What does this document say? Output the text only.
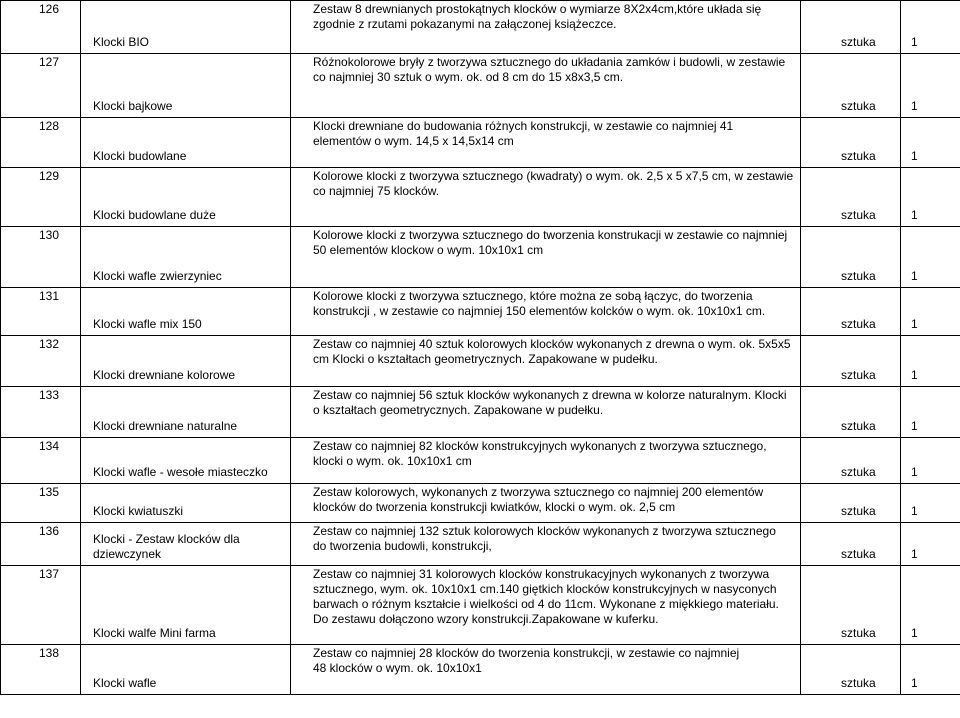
126	Klocki BIO	Zestaw 8 drewnianych prostokątnych klocków o wymiarze 8X2x4cm,które układa się
zgodnie z rzutami pokazanymi na załączonej książeczce.	sztuka	1
127	Klocki bajkowe	Różnokolorowe bryły z tworzywa sztucznego do układania zamków i budowli, w zestawie
co najmniej 30 sztuk o wym. ok. od 8 cm do 15 x8x3,5 cm.	sztuka	1
128	Klocki budowlane	Klocki drewniane do budowania różnych konstrukcji, w zestawie co najmniej 41
elementów o wym. 14,5 x 14,5x14 cm	sztuka	1
129	Klocki budowlane duże	Kolorowe klocki z tworzywa sztucznego (kwadraty) o wym. ok. 2,5 x 5 x7,5 cm, w zestawie
co najmniej 75 klocków.	sztuka	1
130	Klocki wafle zwierzyniec	Kolorowe klocki z tworzywa sztucznego do tworzenia konstrukacji w zestawie co najmniej
50 elementów klockow o wym. 10x10x1 cm	sztuka	1
131	Klocki wafle mix 150	Kolorowe klocki z tworzywa sztucznego, które można ze sobą łączyc, do tworzenia
konstrukcji , w zestawie co najmniej 150 elementów kolcków o wym. ok. 10x10x1 cm.	sztuka	1
132	Klocki drewniane kolorowe	Zestaw co najmniej 40 sztuk kolorowych klocków wykonanych z drewna o wym. ok. 5x5x5
cm Klocki o kształtach geometrycznych. Zapakowane w pudełku.	sztuka	1
133	Klocki drewniane naturalne	Zestaw co najmniej 56 sztuk klocków wykonanych z drewna w kolorze naturalnym. Klocki
o kształtach geometrycznych. Zapakowane w pudełku.	sztuka	1
134	Klocki wafle - wesołe miasteczko	Zestaw co najmniej 82 klocków konstrukcyjnych wykonanych z tworzywa sztucznego,
klocki o wym. ok. 10x10x1 cm	sztuka	1
135	Klocki kwiatuszki	Zestaw kolorowych, wykonanych z tworzywa sztucznego co najmniej 200 elementów
klocków do tworzenia konstrukcji kwiatków, klocki o wym. ok. 2,5 cm	sztuka	1
136	Klocki - Zestaw klocków dla
dziewczynek	Zestaw co najmniej 132 sztuk kolorowych klocków wykonanych z tworzywa sztucznego
do tworzenia budowli, konstrukcji,	sztuka	1
137	Klocki walfe Mini farma	Zestaw co najmniej 31 kolorowych klocków konstrukacyjnych wykonanych z tworzywa
sztucznego, wym. ok. 10x10x1 cm.140 giętkich klocków konstrukcyjnych w nasyconych
barwach o różnym kształcie i wielkości od 4 do 11cm. Wykonane z miękkiego materiału.
Do zestawu dołączono wzory konstrukcji.Zapakowane w kuferku.	sztuka	1
138	Klocki wafle	Zestaw co najmniej 28 klocków do tworzenia konstrukcji, w zestawie co najmniej
48 klocków o wym. ok. 10x10x1	sztuka	1
